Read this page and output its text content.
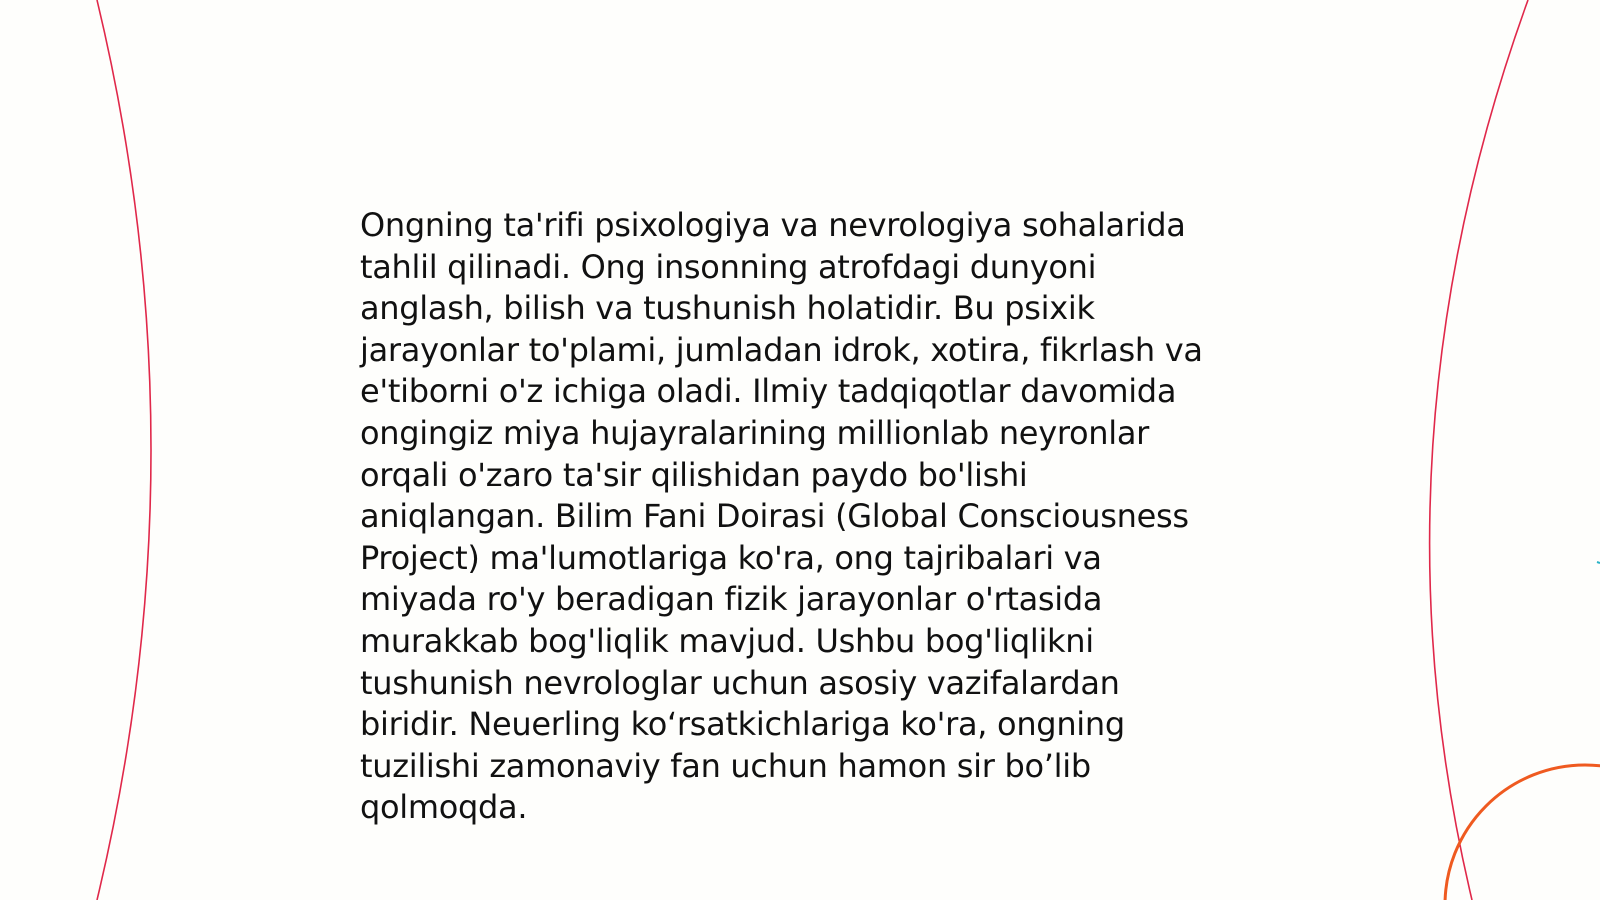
Ongning ta'rifi psixologiya va nevrologiya sohalarida
tahlil qilinadi. Ong insonning atrofdagi dunyoni
anglash, bilish va tushunish holatidir. Bu psixik
jarayonlar to'plami, jumladan idrok, xotira, fikrlash va
e'tiborni o'z ichiga oladi. Ilmiy tadqiqotlar davomida
ongingiz miya hujayralarining millionlab neyronlar
orqali o'zaro ta'sir qilishidan paydo bo'lishi
aniqlangan. Bilim Fani Doirasi (Global Consciousness
Project) ma'lumotlariga ko'ra, ong tajribalari va
miyada ro'y beradigan fizik jarayonlar o'rtasida
murakkab bog'liqlik mavjud. Ushbu bog'liqlikni
tushunish nevrologlar uchun asosiy vazifalardan
biridir. Neuerling ko‘rsatkichlariga ko'ra, ongning
tuzilishi zamonaviy fan uchun hamon sir bo’lib
qolmoqda.
